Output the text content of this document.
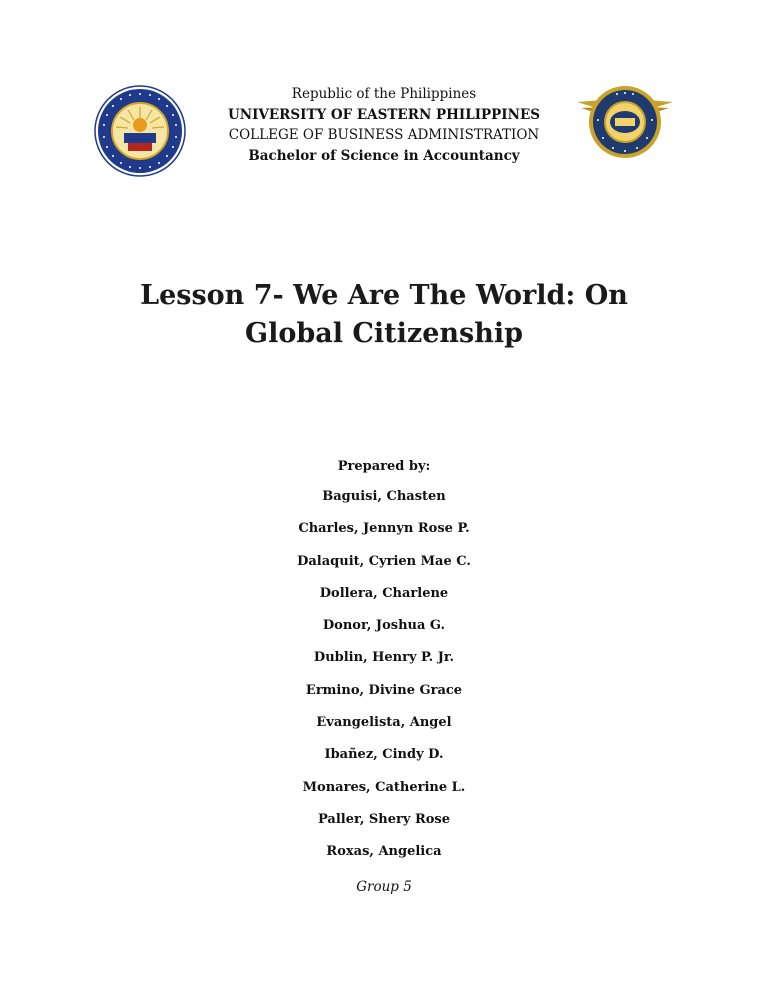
Republic of the Philippines
UNIVERSITY OF EASTERN PHILIPPINES
COLLEGE OF BUSINESS ADMINISTRATION
Bachelor of Science in Accountancy
Lesson 7- We Are The World: On
Global Citizenship
Prepared by:
Baguisi, Chasten
Charles, Jennyn Rose P.
Dalaquit, Cyrien Mae C.
Dollera, Charlene
Donor, Joshua G.
Dublin, Henry P. Jr.
Ermino, Divine Grace
Evangelista, Angel
Ibañez, Cindy D.
Monares, Catherine L.
Paller, Shery Rose
Roxas, Angelica
Group 5
